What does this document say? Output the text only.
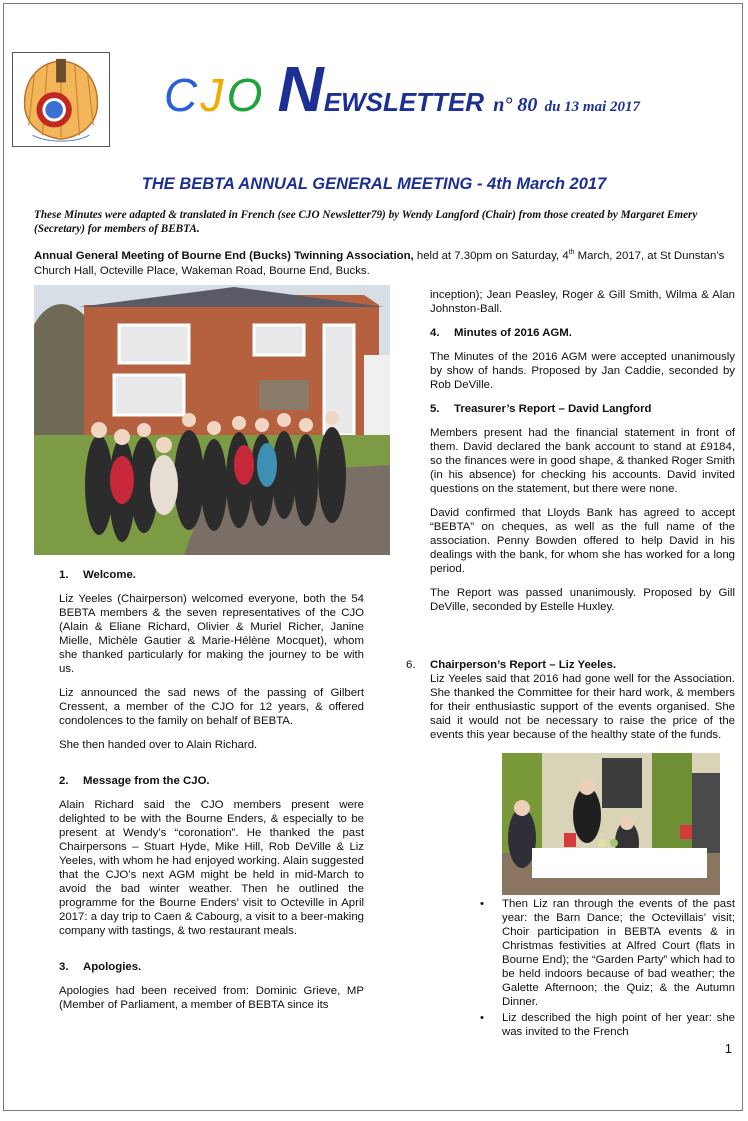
C J O NEWSLETTER n° 80 du 13 mai 2017
THE BEBTA ANNUAL GENERAL MEETING - 4th March 2017
These Minutes were adapted & translated in French (see CJO Newsletter79) by Wendy Langford (Chair) from those created by Margaret Emery (Secretary) for members of BEBTA.
Annual General Meeting of Bourne End (Bucks) Twinning Association, held at 7.30pm on Saturday, 4th March, 2017, at St Dunstan’s Church Hall, Octeville Place, Wakeman Road, Bourne End, Bucks.
1. Welcome.

Liz Yeeles (Chairperson) welcomed everyone, both the 54 BEBTA members & the seven representatives of the CJO (Alain & Eliane Richard, Olivier & Muriel Richer, Janine Mielle, Michèle Gautier & Marie-Hélène Mocquet), whom she thanked particularly for making the journey to be with us.

Liz announced the sad news of the passing of Gilbert Cressent, a member of the CJO for 12 years, & offered condolences to the family on behalf of BEBTA.

She then handed over to Alain Richard.

2. Message from the CJO.

Alain Richard said the CJO members present were delighted to be with the Bourne Enders, & especially to be present at Wendy’s “coronation”. He thanked the past Chairpersons – Stuart Hyde, Mike Hill, Rob DeVille & Liz Yeeles, with whom he had enjoyed working. Alain suggested that the CJO’s next AGM might be held in mid-March to avoid the bad winter weather. Then he outlined the programme for the Bourne Enders’ visit to Octeville in April 2017: a day trip to Caen & Cabourg, a visit to a beer-making company with tastings, & two restaurant meals.

3. Apologies.

Apologies had been received from: Dominic Grieve, MP (Member of Parliament, a member of BEBTA since its

inception); Jean Peasley, Roger & Gill Smith, Wilma & Alan Johnston-Ball.

4. Minutes of 2016 AGM.

The Minutes of the 2016 AGM were accepted unanimously by show of hands. Proposed by Jan Caddie, seconded by Rob DeVille.

5. Treasurer’s Report – David Langford

Members present had the financial statement in front of them. David declared the bank account to stand at £9184, so the finances were in good shape, & thanked Roger Smith (in his absence) for checking his accounts. David invited questions on the statement, but there were none.

David confirmed that Lloyds Bank has agreed to accept “BEBTA” on cheques, as well as the full name of the association. Penny Bowden offered to help David in his dealings with the bank, for whom she has worked for a long period.

The Report was passed unanimously. Proposed by Gill DeVille, seconded by Estelle Huxley.

6. Chairperson’s Report – Liz Yeeles.

Liz Yeeles said that 2016 had gone well for the Association. She thanked the Committee for their hard work, & members for their enthusiastic support of the events organised. She said it would not be necessary to raise the price of the events this year because of the healthy state of the funds.

• Then Liz ran through the events of the past year: the Barn Dance; the Octevillais’ visit; Choir participation in BEBTA events & in Christmas festivities at Alfred Court (flats in Bourne End); the “Garden Party” which had to be held indoors because of bad weather; the Galette Afternoon; the Quiz; & the Autumn Dinner.
• Liz described the high point of her year: she was invited to the French
1
